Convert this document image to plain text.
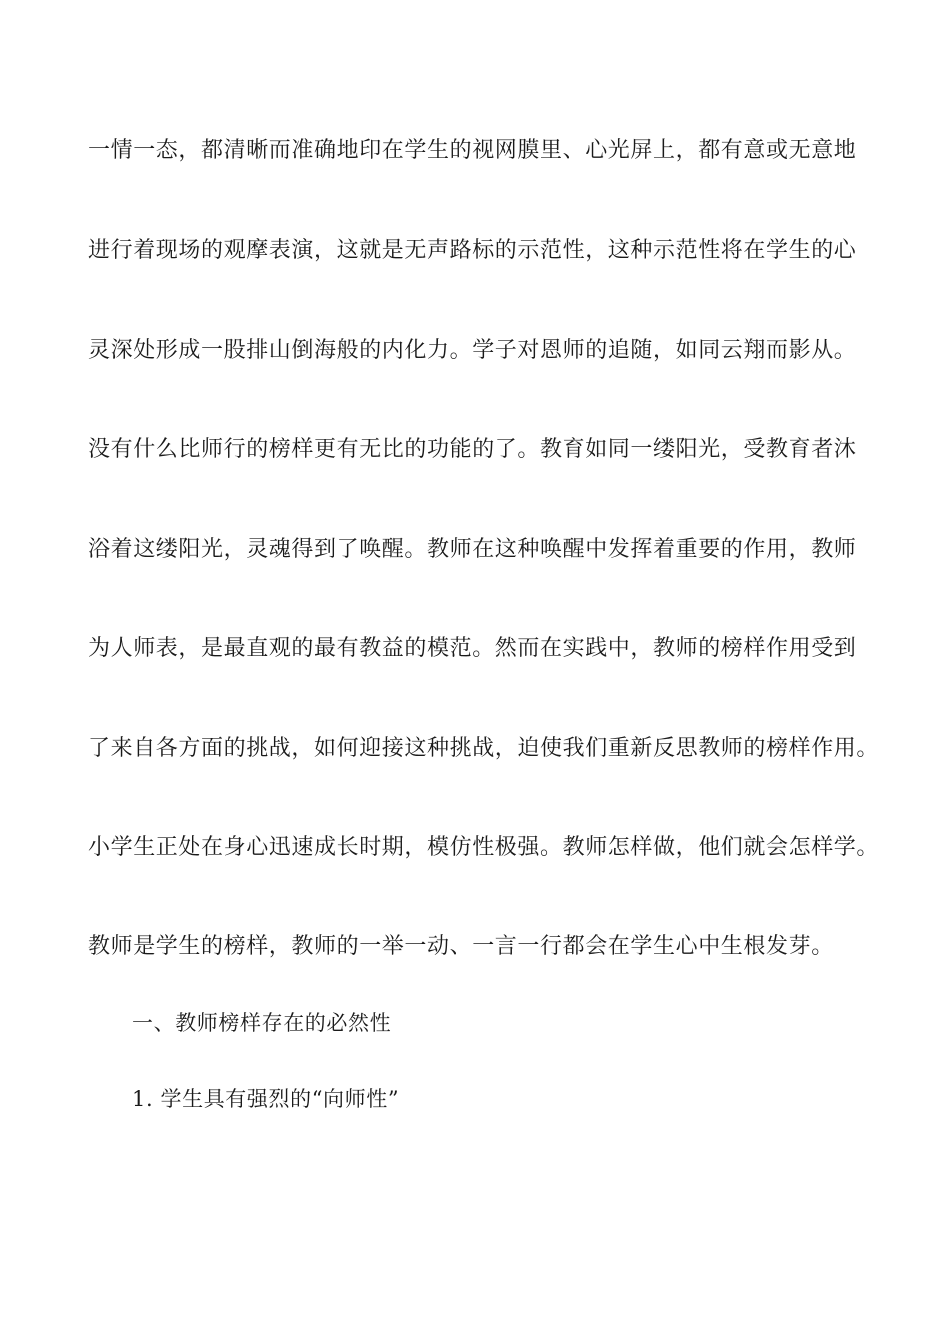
一情一态，都清晰而准确地印在学生的视网膜里、心光屏上，都有意或无意地
进行着现场的观摩表演，这就是无声路标的示范性，这种示范性将在学生的心
灵深处形成一股排山倒海般的内化力。学子对恩师的追随，如同云翔而影从。
没有什么比师行的榜样更有无比的功能的了。教育如同一缕阳光，受教育者沐
浴着这缕阳光，灵魂得到了唤醒。教师在这种唤醒中发挥着重要的作用，教师
为人师表，是最直观的最有教益的模范。然而在实践中，教师的榜样作用受到
了来自各方面的挑战，如何迎接这种挑战，迫使我们重新反思教师的榜样作用。
小学生正处在身心迅速成长时期，模仿性极强。教师怎样做，他们就会怎样学。
教师是学生的榜样，教师的一举一动、一言一行都会在学生心中生根发芽。
一、教师榜样存在的必然性
1. 学生具有强烈的“向师性”
